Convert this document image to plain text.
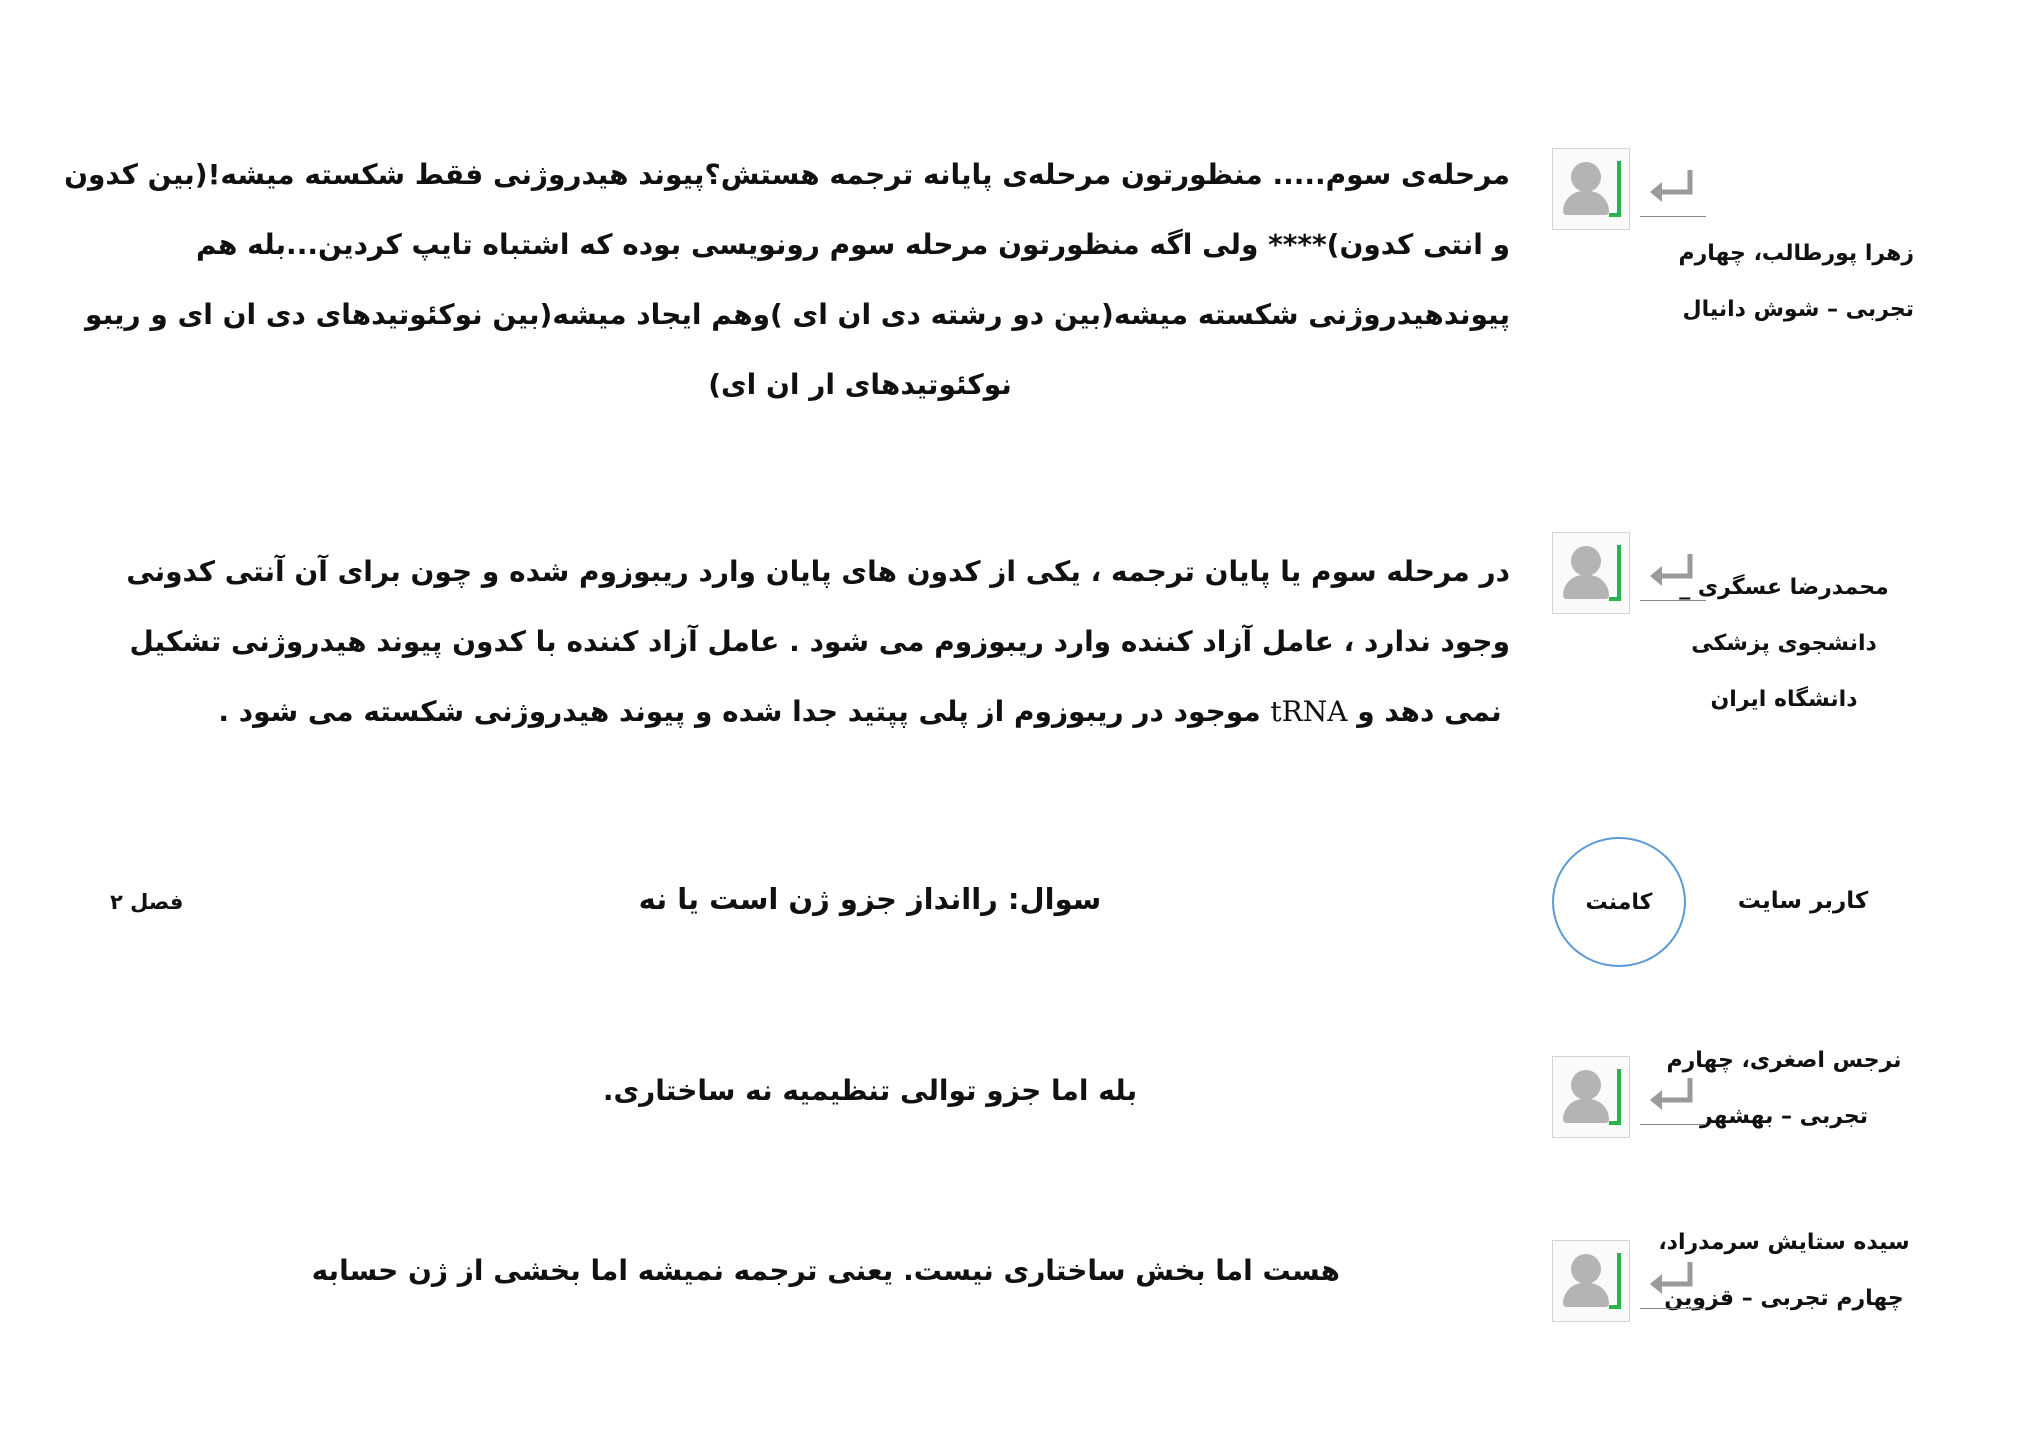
زهرا پورطالب، چهارم
تجربی – شوش دانیال
مرحله‌ی سوم..... منظورتون مرحله‌ی پایانه ترجمه هستش؟پیوند هیدروژنی فقط شکسته میشه!(بین کدون
و انتی کدون)**** ولی اگه منظورتون مرحله سوم رونویسی بوده که اشتباه تایپ کردین...بله هم
پیوندهیدروژنی شکسته میشه(بین دو رشته دی ان ای )وهم ایجاد میشه(بین نوکئوتیدهای دی ان ای و ریبو
نوکئوتیدهای ار ان ای)
محمدرضا عسگری _
دانشجوی پزشکی
دانشگاه ایران
در مرحله سوم یا پایان ترجمه ، یکی از کدون های پایان وارد ریبوزوم شده و چون برای آن آنتی کدونی
وجود ندارد ، عامل آزاد کننده وارد ریبوزوم می شود . عامل آزاد کننده با کدون پیوند هیدروژنی تشکیل
نمی دهد و tRNA موجود در ریبوزوم از پلی پپتید جدا شده و پیوند هیدروژنی شکسته می شود .
کاربر سایت
کامنت
سوال: راانداز جزو ژن است یا نه
فصل ۲
نرجس اصغری، چهارم
تجربی – بهشهر
بله اما جزو توالی تنظیمیه نه ساختاری.
سیده ستایش سرمدراد،
چهارم تجربی – قزوین
هست اما بخش ساختاری نیست. یعنی ترجمه نمیشه اما بخشی از ژن حسابه
